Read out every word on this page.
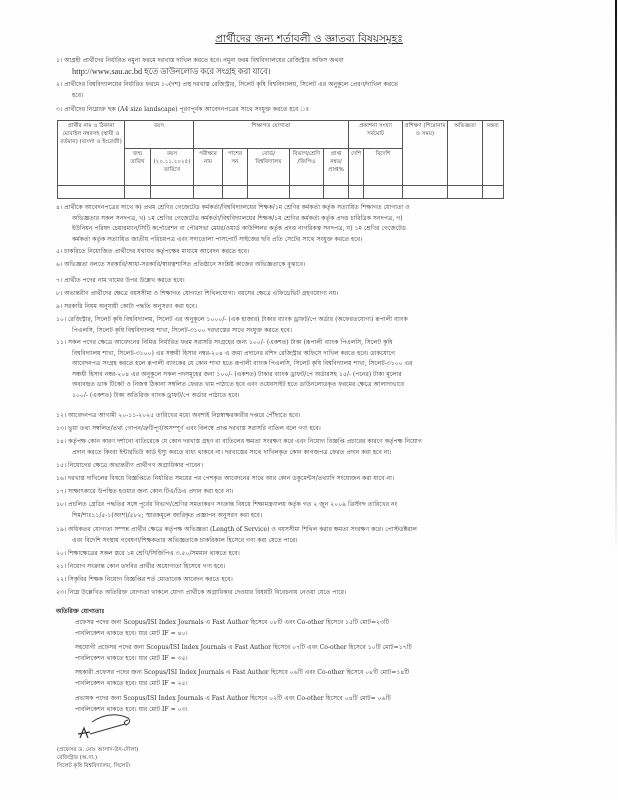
প্রার্থীদের জন্য শর্তাবলী ও জ্ঞাতব্য বিষয়সমূহঃ
১। আগ্রহী প্রার্থীদের নির্ধারিত নমুনা ফরমে দরখাস্ত দাখিল করতে হবে। নমুনা ফরম বিশ্ববিদ্যালয়ের রেজিস্ট্রার অফিস অথবা
http://www.sau.ac.bd হতে ডাউনলোড করে সংগ্রহ করা যাবে।
২। প্রার্থীদের বিশ্ববিদ্যালয়ের নির্ধারিত ফরমে ১০(দশ) প্রস্থ দরখাস্ত রেজিস্ট্রার, সিলেট কৃষি বিশ্ববিদ্যালয়, সিলেট এর অনুকূলে প্রেরণ/দাখিল করতে
হবে।
৩। প্রার্থীদের নিম্নোক্ত ছক (A4 size landscape) পূরণপূর্বক আবেদনপত্রের সাথে সংযুক্ত করতে হবে ঃ
প্রার্থীর নাম ও ঠিকানা মোবাইল নম্বরসহ (স্থায়ী ও বর্তমান) (বাংলা ও ইংরেজী)	বয়স		শিক্ষাগত যোগ্যতা					প্রকাশনা সংখ্যা সর্বমোট		প্রশিক্ষণ (শিরোনাম ও সময়)	অভিজ্ঞতা	মন্তব্য
	জন্ম তারিখ	বয়স (২০.১১.২০২৫) তারিখে	পরীক্ষার নাম	পাশের সন	বোর্ড/ বিশ্ববিদ্যালয়	বিভাগ/শ্রেণি /জিপিএ	প্রাপ্ত নম্বর/ প্রাপ্ত%	দেশি	বিদেশি			

৪। প্রার্থীকে আবেদনপত্রের সাথে ক) প্রথম শ্রেণির গেজেটেড কর্মকর্তা/বিশ্ববিদ্যালয়ের শিক্ষক/১ম শ্রেণির কর্মকর্তা কর্তৃক সত্যায়িত শিক্ষাগত যোগ্যতা ও
অভিজ্ঞতার সকল সনদপত্র, খ) ১ম শ্রেণির গেজেটেড কর্মকর্তা/বিশ্ববিদ্যালয়ের শিক্ষক/১ম শ্রেণির কর্মকর্তা কর্তৃক প্রদত্ত চারিত্রিক সনদপত্র, গ)
ইউনিয়ন পরিষদ চেয়ারম্যান/সিটি কর্পোরেশন বা পৌরসভা মেয়র/ওয়ার্ড কাউন্সিলর কর্তৃক প্রদত্ত নাগরিকত্ব সনদপত্র, ঘ) ১ম শ্রেণির গেজেটেড
কর্মকর্তা কর্তৃক সত্যায়িত জাতীয় পরিচয়পত্র এবং সদ্যতোলা পাসপোর্ট সাইজের ছবি প্রতি সেটের সাথে সংযুক্ত করতে হবে।
৫। চাকরিতে নিয়োজিত প্রার্থীদের যথাযথ কর্তৃপক্ষের মাধ্যমে আবেদন করতে হবে।
৬। অভিজ্ঞতা বলতে সরকারি/আধা-সরকারি/স্বায়ত্বশাসিত প্রতিষ্ঠানে সংশ্লিষ্ট কাজের অভিজ্ঞতাকে বুঝাবে।
৭। প্রার্থীত পদের নাম খামের উপর উল্লেখ করতে হবে।
৮। অভ্যন্তরীণ প্রার্থীদের ক্ষেত্রে বয়সসীমা ও শিক্ষাগত যোগ্যতা শিথিলযোগ্য। বয়সের ক্ষেত্রে এফিডেভিট গ্রহণযোগ্য নয়।
৯। সরকারি নিয়ম অনুযায়ী কোটা পদ্ধতি অনুসরণ করা হবে।
১০। রেজিস্ট্রার, সিলেট কৃষি বিশ্ববিদ্যালয়, সিলেট এর অনুকূলে ১০০০/- (এক হাজার) টাকার ব্যাংক ড্রাফট/পে অর্ডার (অফেরতযোগ্য) রূপালী ব্যাংক
পিএলসি, সিলেট কৃষি বিশ্ববিদ্যালয় শাখা, সিলেট-৩১০০ দরখাস্তের সাথে সংযুক্ত করতে হবে।
১১। সকল পদের ক্ষেত্রে আবেদনের নিমিত্ত নির্ধারিত ফরম সরাসরি সংগ্রহের জন্য ১০০/- (একশত) টাকা (রূপালী ব্যাংক পিএলসি, সিলেট কৃষি
বিশ্ববিদ্যালয় শাখা, সিলেট-৩১০০) এর সঞ্চয়ী হিসাব নম্বর-২০৪ এ জমা প্রদানের রশিদ রেজিস্ট্রার অফিসে দাখিল করতে হবে। ডাকযোগে
আবেদনপত্র সংগ্রহ করতে হলে রূপালী ব্যাংকের যে কোন শাখা হতে রূপালী ব্যাংক পিএলসি, সিলেট কৃষি বিশ্ববিদ্যালয় শাখা, সিলেট-৩১০০ এর
সঞ্চয়ী হিসাব নম্বর-২০৪ এর অনুকূলে সকল পদসমূহের জন্য ১০০/- (একশত) টাকার ব্যাংক ড্রাফট/পে অর্ডারসহ ১৫/- (পনের) টাকা মূল্যের
অব্যবহৃত ডাক টিকেট ও নিজস্ব ঠিকানা সম্বলিত ফেরত খাম পাঠাতে হবে এবং ওয়েবসাইট হতে ডাউনলোডকৃত ফরমের ক্ষেত্রে আলাদাভাবে
১০০/- (একশত) টাকা অতিরিক্ত ব্যাংক ড্রাফট/পে অর্ডার পাঠাতে হবে।
১২। আবেদনপত্র আগামী ২০-১১-২০২৫ তারিখের মধ্যে অবশ্যই নিম্নস্বাক্ষরকারীর দপ্তরে পৌঁছাতে হবে।
১৩। ভুয়া তথ্য সম্বলিত/তথ্য গোপন/ত্রুটিপূর্ণ/অসম্পূর্ণ এবং বিলম্বে প্রাপ্ত দরখাস্ত সরাসরি বাতিল বলে গণ্য হবে।
১৪। কর্তৃপক্ষ কোন কারণ দর্শানো ব্যতিরেকে যে কোন দরখাস্ত গ্রহণ বা বাতিলের ক্ষমতা সংরক্ষণ করে এবং নিয়োগ বিজ্ঞপ্তি প্রচারের কারণে কর্তৃপক্ষ নিয়োগ
প্রদান করতে কিংবা ইন্টারভিউ কার্ড ইস্যু করতে বাধ্য থাকবে না। দরখাস্তের সাথে দাখিলকৃত কোন কাগজপত্র ফেরত প্রদান করা হবে না।
১৫। নিয়োগের ক্ষেত্রে অভ্যন্তরীণ প্রার্থীগণ অগ্রাধিকার পাবেন।
১৬। দরখাস্ত দাখিলের বিষয়ে বিজ্ঞপ্তিতে নির্ধারিত সময়ের পর পেশকৃত আবেদনের সাথে আর কোন ডকুমেন্টস/তথ্যাদি সংযোজন করা যাবে না।
১৭। সাক্ষাৎকারে উপস্থিত হওয়ার জন্য কোন টিএ/ডিএ প্রদান করা হবে না।
১৮। প্রচলিত গ্রেডিং পদ্ধতির সঙ্গে পূর্বের বিভাগ/শ্রেণির সমতাকরণ সংক্রান্ত বিষয়ে শিক্ষামন্ত্রণালয় কর্তৃক গত ২ জুন ২০০৯ খ্রিস্টাব্দ তারিখের নং
শিম/শাঃ১১/৫-১(অংশ)/৫৮২; স্মারকমূলে জারিকৃত প্রজ্ঞাপন অনুসরণ করা হবে।
১৯। অধিকতর যোগ্যতা সম্পন্ন প্রার্থীর ক্ষেত্রে কর্তৃপক্ষ অভিজ্ঞতা (Length of Service) ও বয়সসীমা শিথিল করার ক্ষমতা সংরক্ষণ করে। পোস্টডক্টরাল
এবং বিদেশি সংস্থায় গবেষণা/শিক্ষকতার অভিজ্ঞতাকে চাকরিকাল হিসেবে গণ্য করা যেতে পারে।
২০। শিক্ষাক্ষেত্রের সকল স্তরে ১ম শ্রেণি/সিজিপিএ ৩.৫০/সমমান থাকতে হবে।
২১। নিয়োগ সংক্রান্ত কোন তদবির প্রার্থীর অযোগ্যতা হিসেবে গণ্য হবে।
২২। সিকৃবির শিক্ষক নিয়োগ বিজ্ঞপ্তির শর্ত মোতাবেক আবেদন করতে হবে।
২৩। নিম্নে উল্লেখিত অতিরিক্ত যোগ্যতা থাকলে যোগ্য প্রার্থীকে অগ্রাধিকার দেওয়ার বিষয়টি বিবেচনায় নেওয়া যেতে পারে।
অতিরিক্ত যোগ্যতাঃ
প্রফেসর পদের জন্য Scopus/ISI Index Journals এ Fast Author হিসেবে ০৮টি এবং Co-other হিসেবে ১৫টি মোট=২৩টি
পাবলিকেশন থাকতে হবে। যার মোট IF = ৪০।
সহযোগী প্রফেসর পদের জন্য Scopus/ISI Index Journals এ Fast Author হিসেবে ০৭টি এবং Co-other হিসেবে ১০টি মোট=১৭টি
পাবলিকেশন থাকতে হবে। যার মোট IF = ৩৫।
সহকারী প্রফেসর পদের জন্য Scopus/ISI Index Journals এ Fast Author হিসেবে ০৬টি এবং Co-other হিসেবে ০৮টি মোট=১৪টি
পাবলিকেশন থাকতে হবে। যার মোট IF = ২৫।
প্রভাষক পদের জন্য Scopus/ISI Index Journals এ Fast Author হিসেবে ০২টি এবং Co-other হিসেবে ০৪টি মোট= ০৬টি
পাবলিকেশন থাকতে হবে। যার মোট IF = ০৩।
(প্রফেসর ড. মোঃ আসাদ-উদ-দৌলা)
রেজিস্ট্রার (অ.দা.)
সিলেট কৃষি বিশ্ববিদ্যালয়, সিলেট।
